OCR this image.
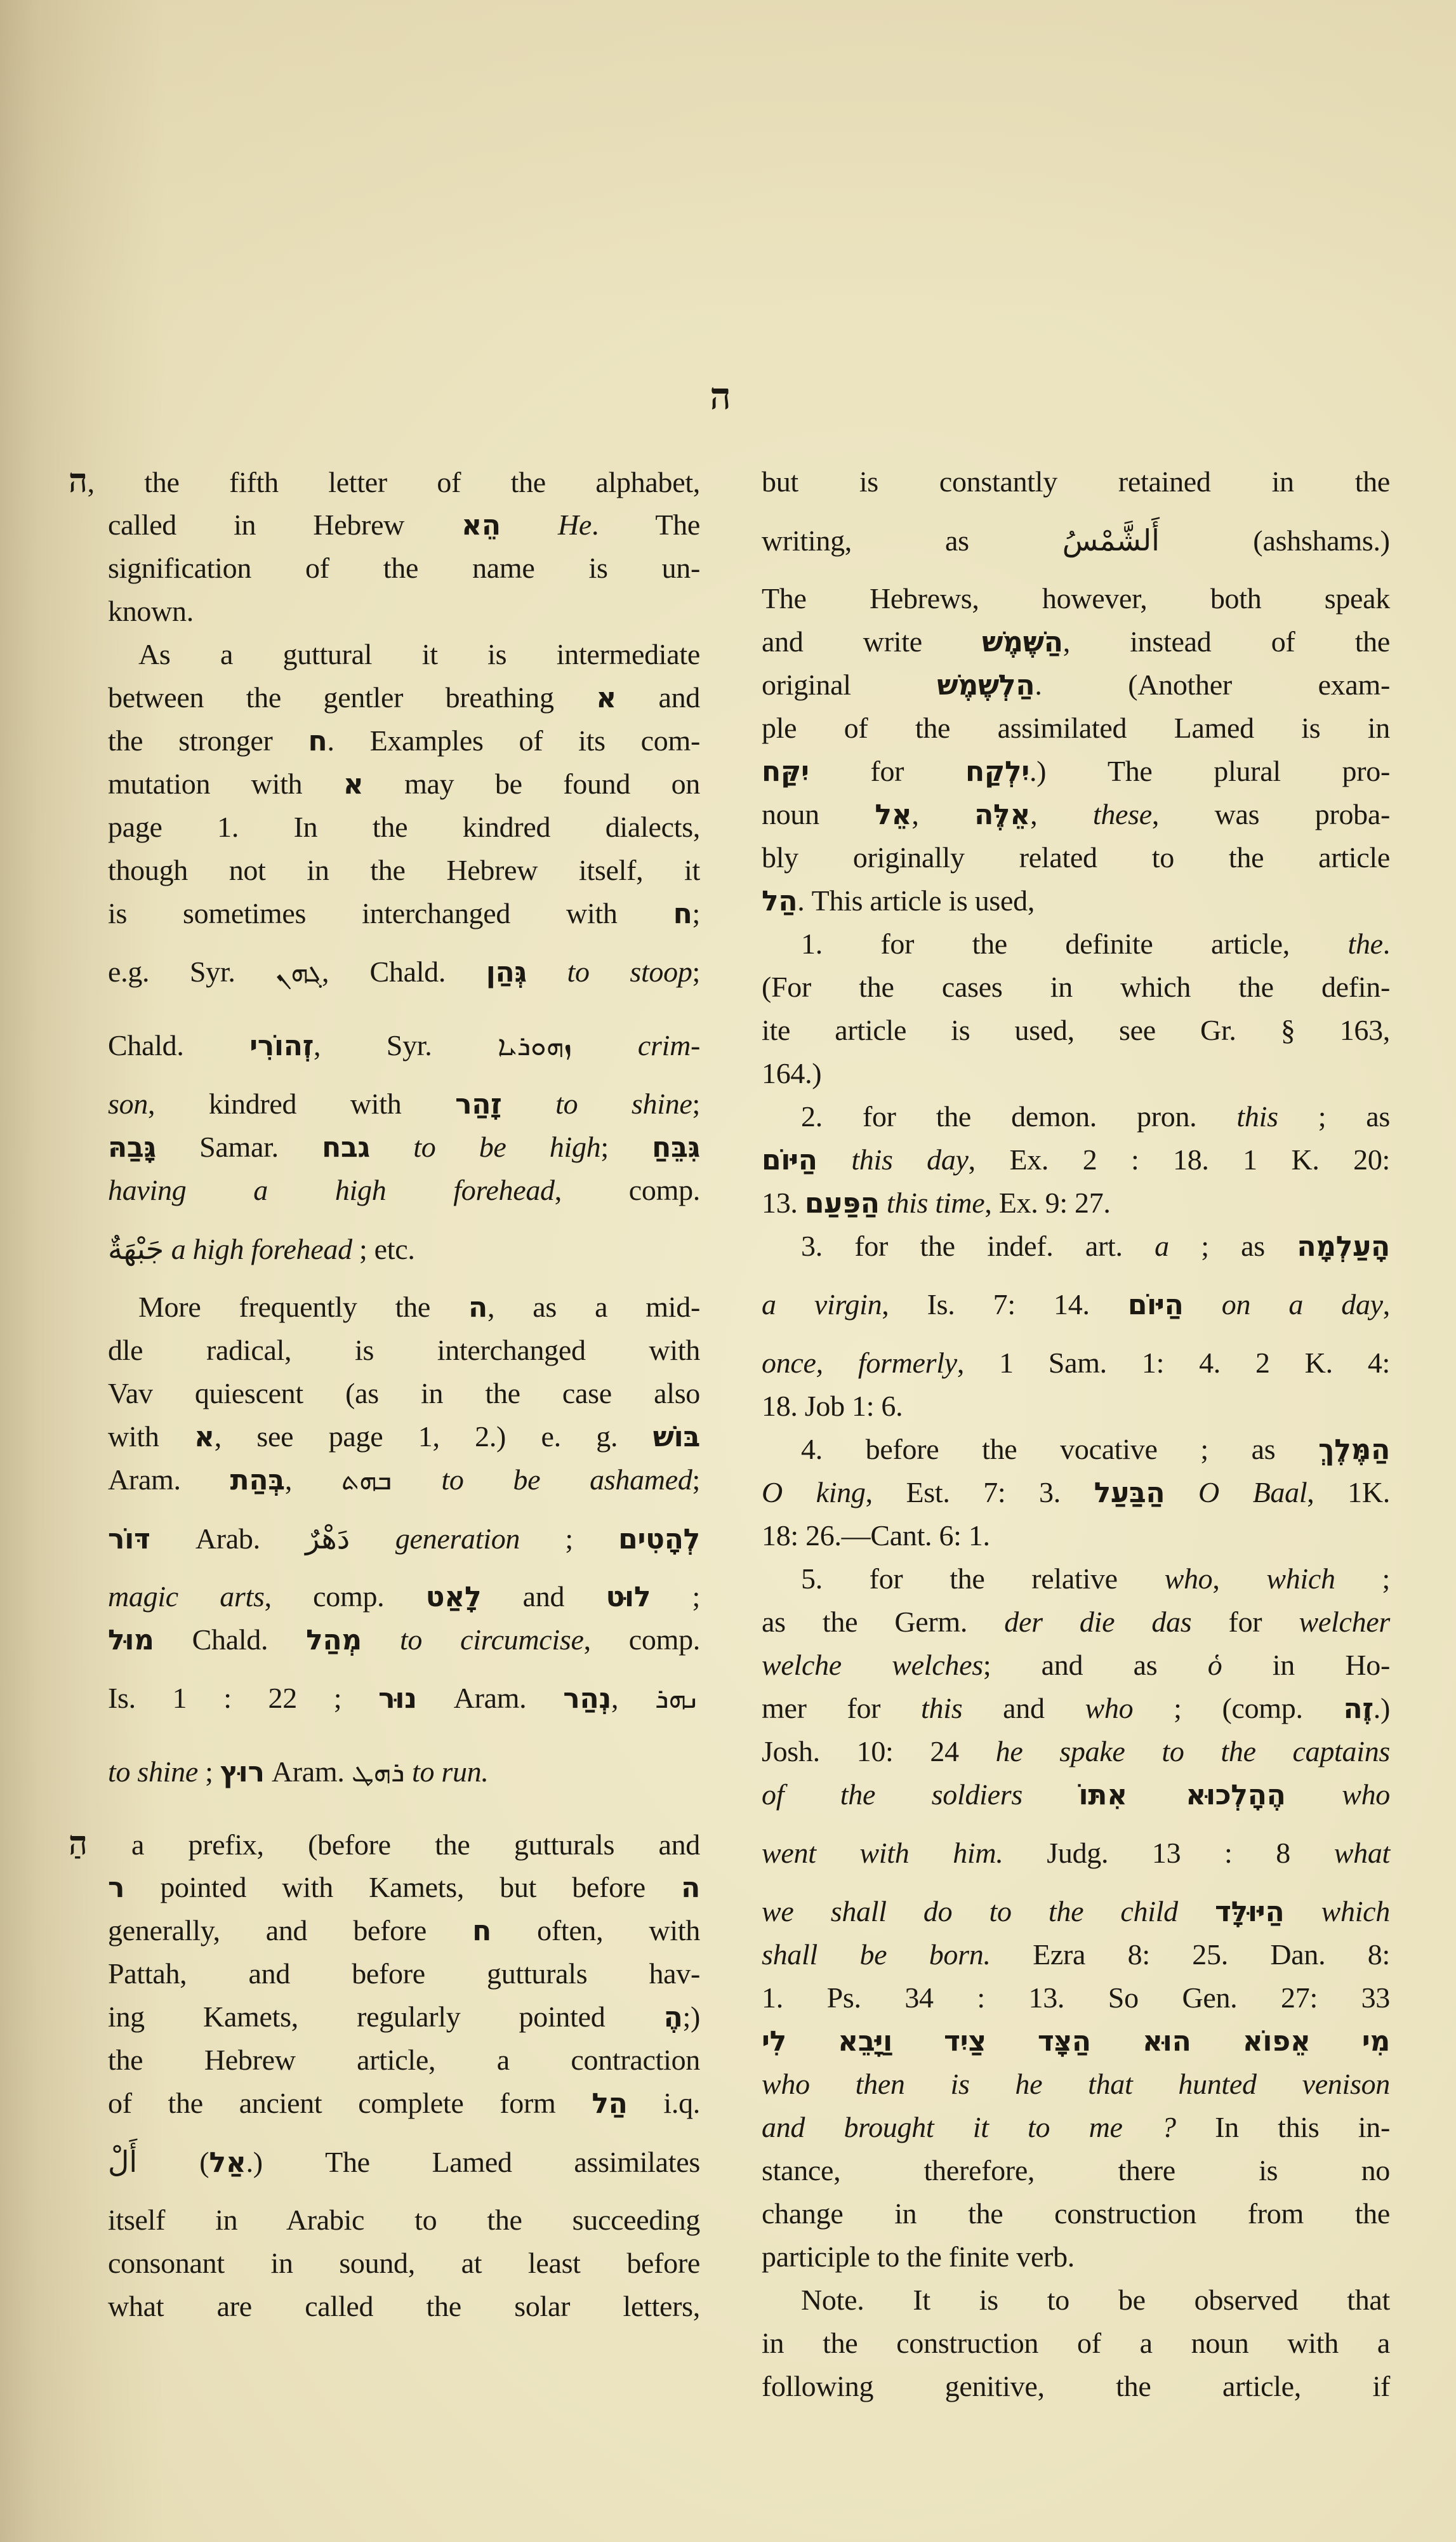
ה
ה, the fifth letter of the alphabet,
called in Hebrew הֵא He. The
signification of the name is un-
known.
As a guttural it is intermediate
between the gentler breathing א and
the stronger ח. Examples of its com-
mutation with א may be found on
page 1. In the kindred dialects,
though not in the Hebrew itself, it
is sometimes interchanged with ח;
e.g. Syr. ܓܗܢ, Chald. גְּהַן to stoop;
Chald. זְהוֹרִי, Syr. ܙܗܘܪܝܐ crim-
son, kindred with זָהַר to shine;
גָּבַהּ Samar. גבח to be high; גִּבֵּחַ
having a high forehead, comp.
جَبْهَةٌ a high forehead ; etc.
More frequently the ה, as a mid-
dle radical, is interchanged with
Vav quiescent (as in the case also
with א, see page 1, 2.) e. g. בּוֹשׁ
Aram. בְּהַת, ܒܗܬ to be ashamed;
דּוֹר Arab. دَهْرٌ generation ; לְהָטִים
magic arts, comp. לָאַט and לוּט ;
מוּל Chald. מְהַל to circumcise, comp.
Is. 1 : 22 ; נוּר Aram. נְהַר, ܢܗܪ
to shine ; רוּץ Aram. ܪܗܛ to run.
הַ a prefix, (before the gutturals and
ר pointed with Kamets, but before ה
generally, and before ח often, with
Pattah, and before gutturals hav-
ing Kamets, regularly pointed הֶ;)
the Hebrew article, a contraction
of the ancient complete form הַל i.q.
أَلْ (אַל.) The Lamed assimilates
itself in Arabic to the succeeding
consonant in sound, at least before
what are called the solar letters,
but is constantly retained in the
writing, as أَلشَّمْسُ (ashshams.)
The Hebrews, however, both speak
and write הַשֶּׁמֶשׁ, instead of the
original הַלְשֶׁמֶשׁ. (Another exam-
ple of the assimilated Lamed is in
יִקַּח for יִלְקַח.) The plural pro-
noun אֵל, אֵלֶּה, these, was proba-
bly originally related to the article
הַל. This article is used,
1. for the definite article, the.
(For the cases in which the defin-
ite article is used, see Gr. § 163,
164.)
2. for the demon. pron. this ; as
הַיּוֹם this day, Ex. 2 : 18. 1 K. 20:
13. הַפַּעַם this time, Ex. 9: 27.
3. for the indef. art. a ; as הָעַלְמָה
a virgin, Is. 7: 14. הַיּוֹם on a day,
once, formerly, 1 Sam. 1: 4. 2 K. 4:
18. Job 1: 6.
4. before the vocative ; as הַמֶּלֶךְ
O king, Est. 7: 3. הַבַּעַל O Baal, 1K.
18: 26.—Cant. 6: 1.
5. for the relative who, which ;
as the Germ. der die das for welcher
welche welches; and as ὁ in Ho-
mer for this and who ; (comp. זֶה.)
Josh. 10: 24 he spake to the captains
of the soldiers הֶהָלְכוּא אִתּוֹ who
went with him. Judg. 13 : 8 what
we shall do to the child הַיּוּלָּד which
shall be born. Ezra 8: 25. Dan. 8:
1. Ps. 34 : 13. So Gen. 27: 33
מִי אֵפוֹא הוּא הַצָּד צַיִד וַיָּבֵא לִי
who then is he that hunted venison
and brought it to me ? In this in-
stance, therefore, there is no
change in the construction from the
participle to the finite verb.
Note. It is to be observed that
in the construction of a noun with a
following genitive, the article, if
